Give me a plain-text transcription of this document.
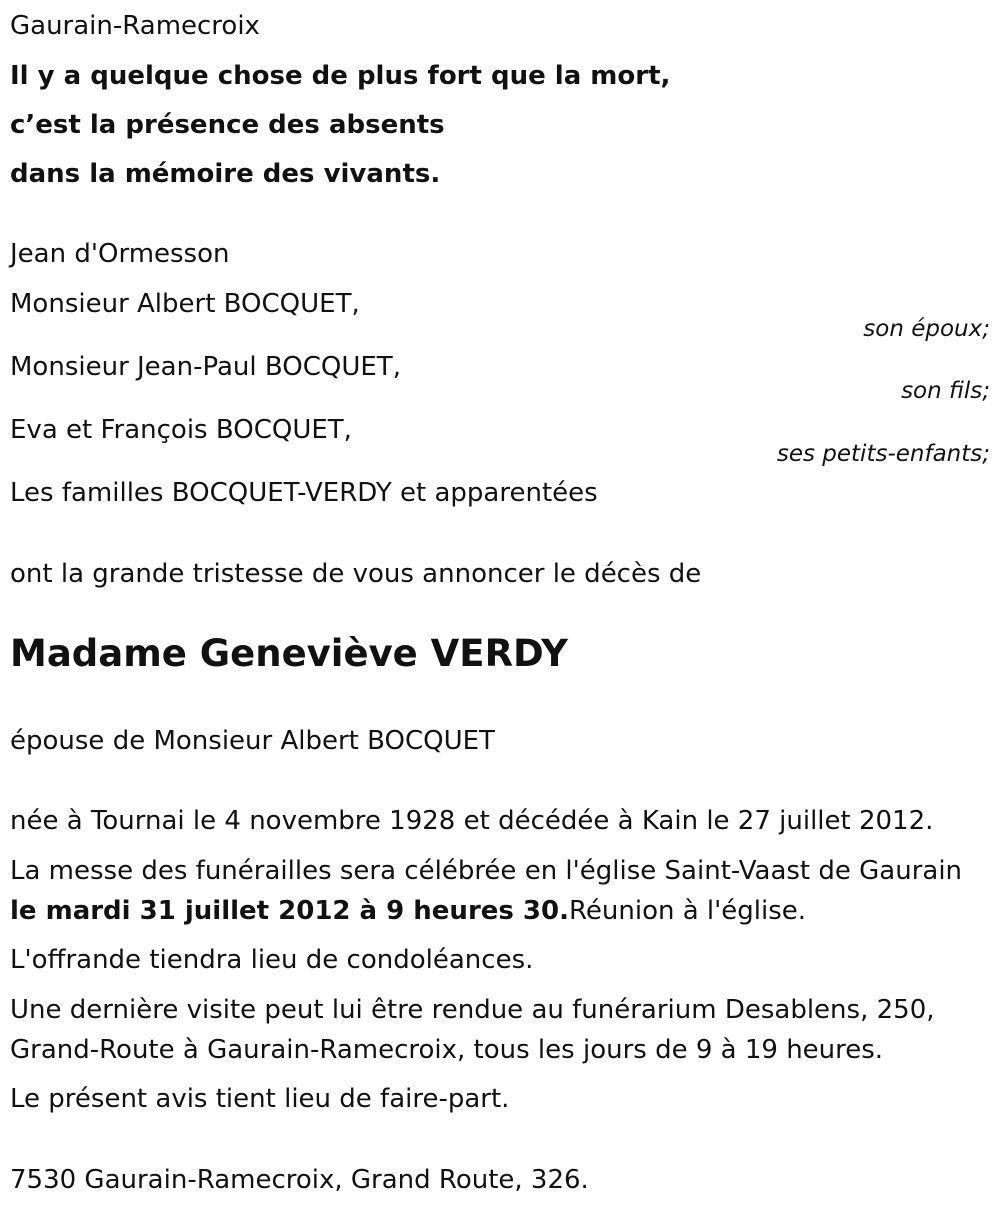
Gaurain-Ramecroix
Il y a quelque chose de plus fort que la mort,
c’est la présence des absents
dans la mémoire des vivants.
Jean d'Ormesson
Monsieur Albert BOCQUET,
son époux;
Monsieur Jean-Paul BOCQUET,
son fils;
Eva et François BOCQUET,
ses petits-enfants;
Les familles BOCQUET-VERDY et apparentées
ont la grande tristesse de vous annoncer le décès de
Madame Geneviève VERDY
épouse de Monsieur Albert BOCQUET
née à Tournai le 4 novembre 1928 et décédée à Kain le 27 juillet 2012.
La messe des funérailles sera célébrée en l'église Saint-Vaast de Gaurain
le mardi 31 juillet 2012 à 9 heures 30.Réunion à l'église.
L'offrande tiendra lieu de condoléances.
Une dernière visite peut lui être rendue au funérarium Desablens, 250,
Grand-Route à Gaurain-Ramecroix, tous les jours de 9 à 19 heures.
Le présent avis tient lieu de faire-part.
7530 Gaurain-Ramecroix, Grand Route, 326.
